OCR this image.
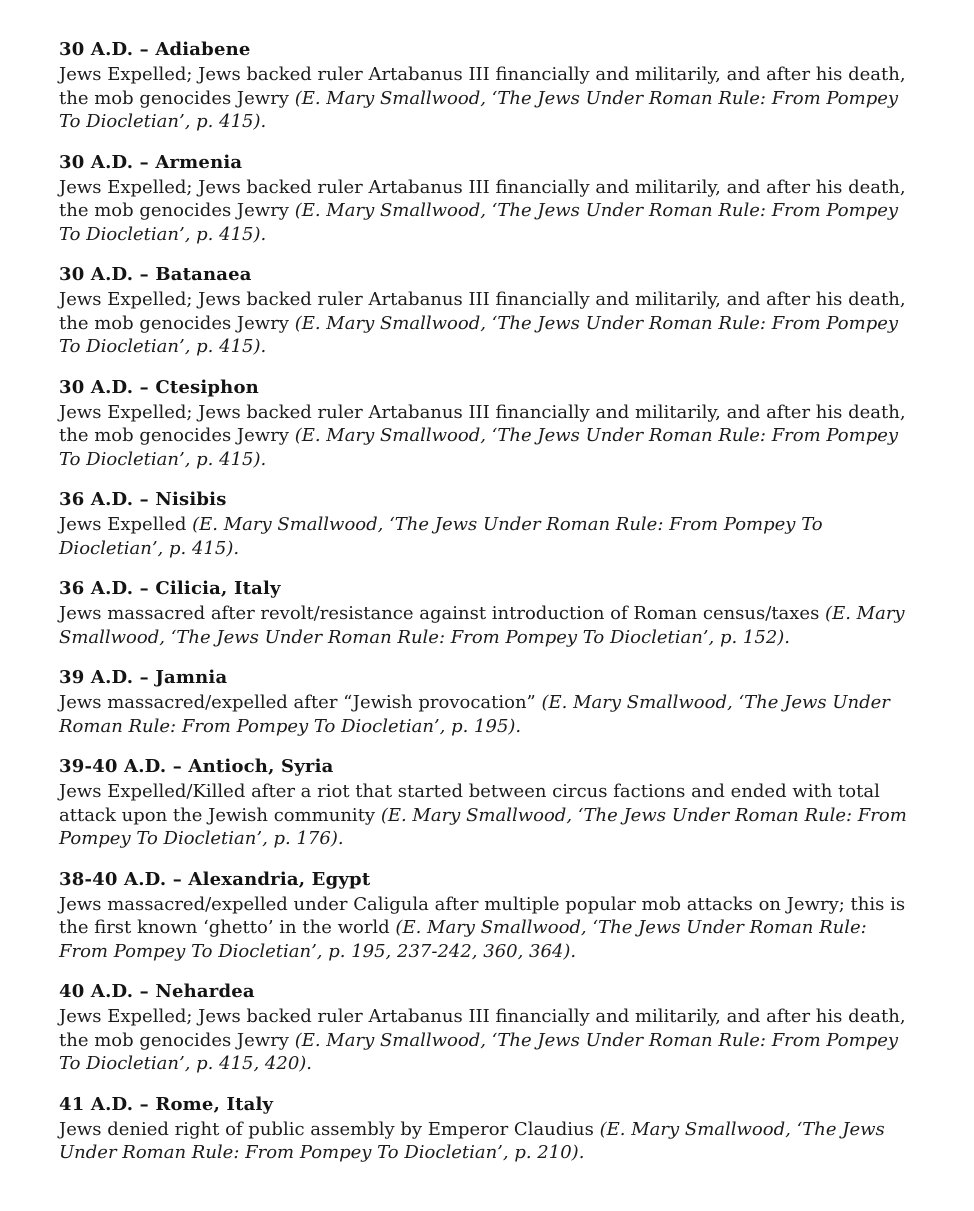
30 A.D. – Adiabene

Jews Expelled; Jews backed ruler Artabanus III financially and militarily, and after his death, the mob genocides Jewry (E. Mary Smallwood, ‘The Jews Under Roman Rule: From Pompey To Diocletian’, p. 415).

30 A.D. – Armenia

Jews Expelled; Jews backed ruler Artabanus III financially and militarily, and after his death, the mob genocides Jewry (E. Mary Smallwood, ‘The Jews Under Roman Rule: From Pompey To Diocletian’, p. 415).

30 A.D. – Batanaea

Jews Expelled; Jews backed ruler Artabanus III financially and militarily, and after his death, the mob genocides Jewry (E. Mary Smallwood, ‘The Jews Under Roman Rule: From Pompey To Diocletian’, p. 415).

30 A.D. – Ctesiphon

Jews Expelled; Jews backed ruler Artabanus III financially and militarily, and after his death, the mob genocides Jewry (E. Mary Smallwood, ‘The Jews Under Roman Rule: From Pompey To Diocletian’, p. 415).

36 A.D. – Nisibis

Jews Expelled (E. Mary Smallwood, ‘The Jews Under Roman Rule: From Pompey To Diocletian’, p. 415).

36 A.D. – Cilicia, Italy

Jews massacred after revolt/resistance against introduction of Roman census/taxes (E. Mary Smallwood, ‘The Jews Under Roman Rule: From Pompey To Diocletian’, p. 152).

39 A.D. – Jamnia

Jews massacred/expelled after “Jewish provocation” (E. Mary Smallwood, ‘The Jews Under Roman Rule: From Pompey To Diocletian’, p. 195).

39-40 A.D. – Antioch, Syria

Jews Expelled/Killed after a riot that started between circus factions and ended with total attack upon the Jewish community (E. Mary Smallwood, ‘The Jews Under Roman Rule: From Pompey To Diocletian’, p. 176).

38-40 A.D. – Alexandria, Egypt

Jews massacred/expelled under Caligula after multiple popular mob attacks on Jewry; this is the first known ‘ghetto’ in the world (E. Mary Smallwood, ‘The Jews Under Roman Rule: From Pompey To Diocletian’, p. 195, 237-242, 360, 364).

40 A.D. – Nehardea

Jews Expelled; Jews backed ruler Artabanus III financially and militarily, and after his death, the mob genocides Jewry (E. Mary Smallwood, ‘The Jews Under Roman Rule: From Pompey To Diocletian’, p. 415, 420).

41 A.D. – Rome, Italy

Jews denied right of public assembly by Emperor Claudius (E. Mary Smallwood, ‘The Jews Under Roman Rule: From Pompey To Diocletian’, p. 210).
